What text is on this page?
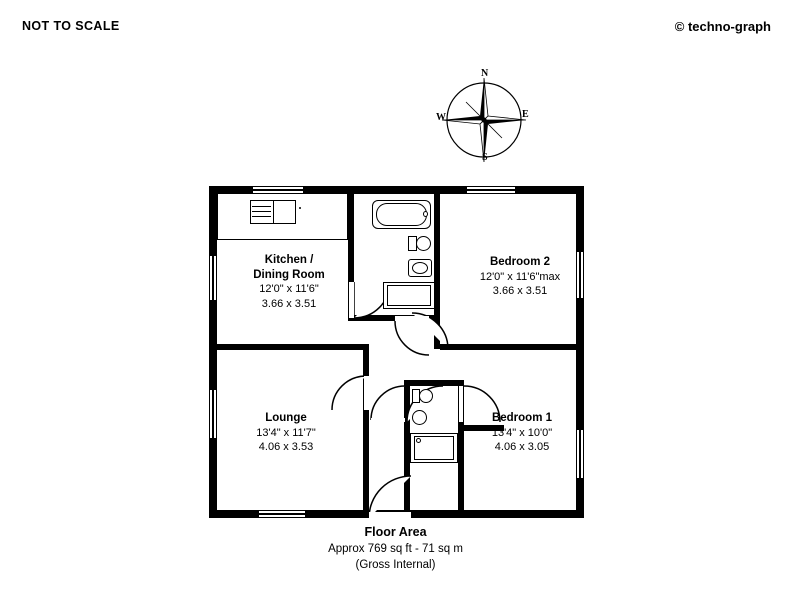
NOT TO SCALE	© techno-graph
N
E
S
W
Kitchen /
Dining Room
12'0" x 11'6"
3.66 x 3.51
Bedroom 2
12'0" x 11'6"max
3.66 x 3.51
Lounge
13'4" x 11'7"
4.06 x 3.53
Bedroom 1
13'4" x 10'0"
4.06 x 3.05
Floor Area
Approx 769 sq ft - 71 sq m
(Gross Internal)
